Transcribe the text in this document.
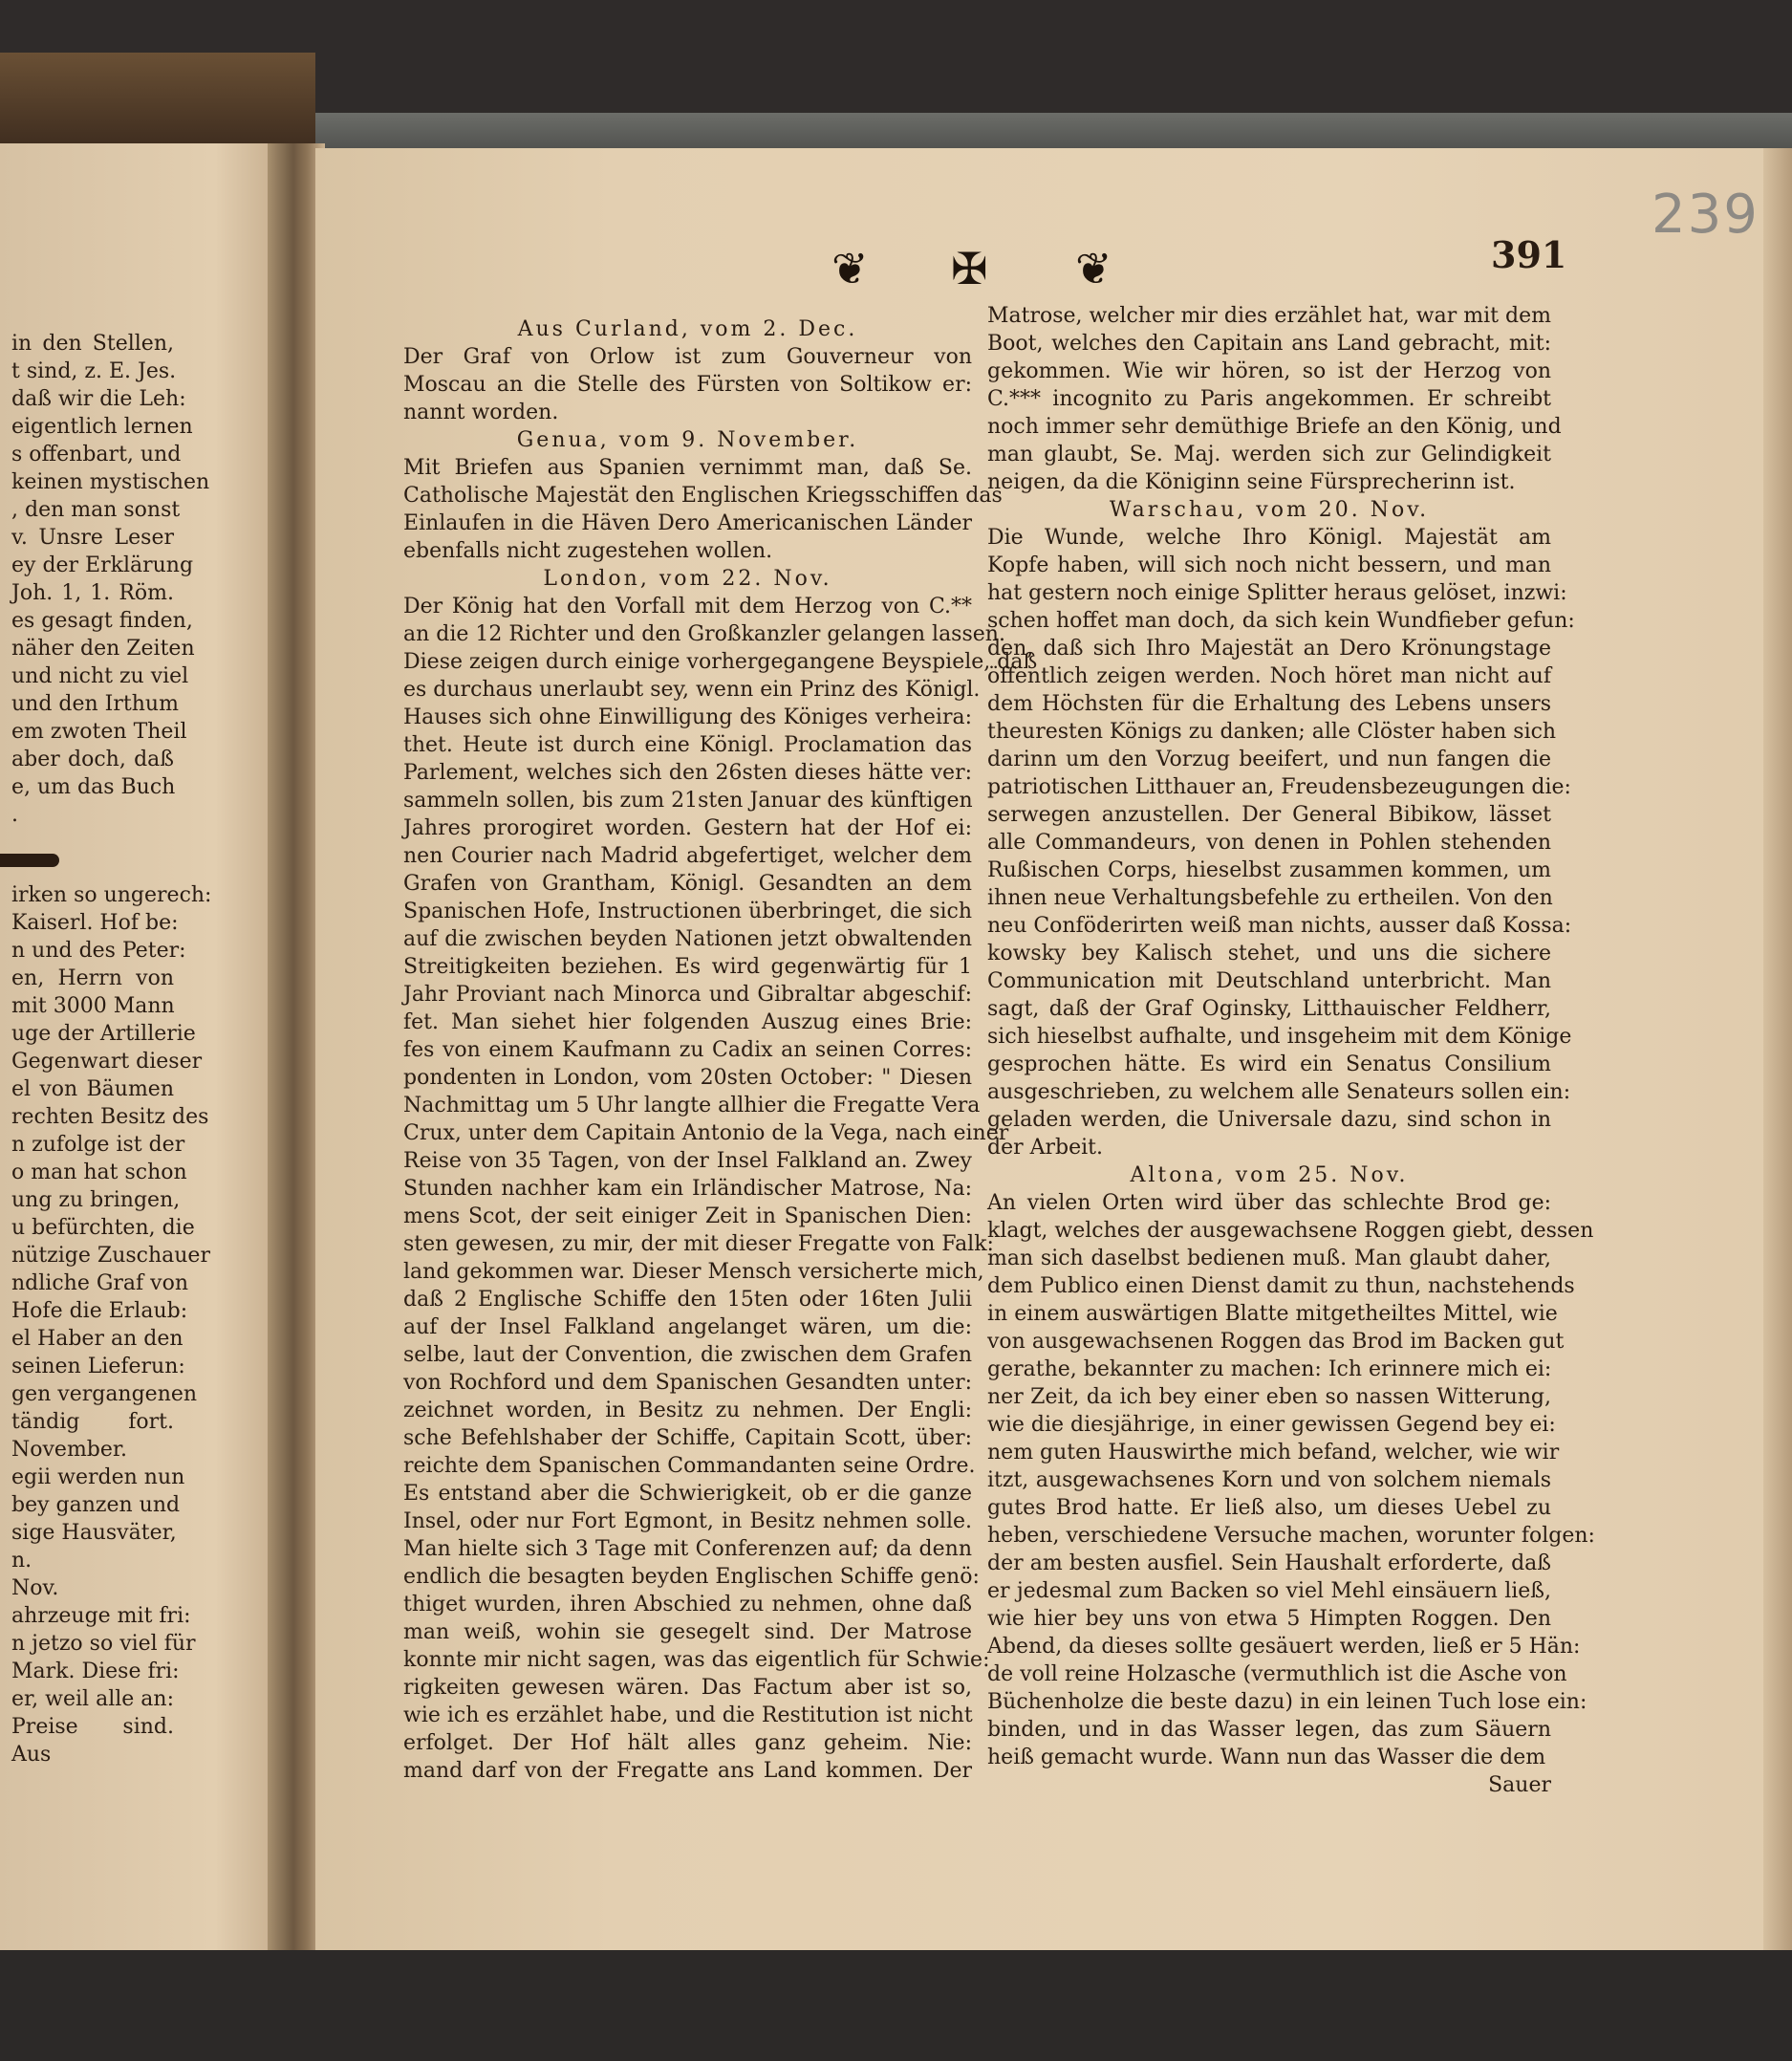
❦ ✠ ❦	391
239
in den Stellen,
t sind, z. E. Jes.
daß wir die Leh:
eigentlich lernen
s offenbart, und
keinen mystischen
, den man sonst
v. Unsre Leser
ey der Erklärung
Joh. 1, 1. Röm.
es gesagt finden,
näher den Zeiten
und nicht zu viel
und den Irthum
em zwoten Theil
aber doch, daß
e, um das Buch
.
irken so ungerech:
Kaiserl. Hof be:
n und des Peter:
en, Herrn von
mit 3000 Mann
uge der Artillerie
Gegenwart dieser
el von Bäumen
rechten Besitz des
n zufolge ist der
o man hat schon
ung zu bringen,
u befürchten, die
nützige Zuschauer
ndliche Graf von
Hofe die Erlaub:
el Haber an den
seinen Lieferun:
gen vergangenen
tändig fort.
November.
egii werden nun
bey ganzen und
sige Hausväter,
n.
Nov.
ahrzeuge mit fri:
n jetzo so viel für
Mark. Diese fri:
er, weil alle an:
Preise sind.
Aus
Aus Curland, vom 2. Dec.
Der Graf von Orlow ist zum Gouverneur von
Moscau an die Stelle des Fürsten von Soltikow er:
nannt worden.
Genua, vom 9. November.
Mit Briefen aus Spanien vernimmt man, daß Se.
Catholische Majestät den Englischen Kriegsschiffen das
Einlaufen in die Häven Dero Americanischen Länder
ebenfalls nicht zugestehen wollen.
London, vom 22. Nov.
Der König hat den Vorfall mit dem Herzog von C.**
an die 12 Richter und den Großkanzler gelangen lassen.
Diese zeigen durch einige vorhergegangene Beyspiele, daß
es durchaus unerlaubt sey, wenn ein Prinz des Königl.
Hauses sich ohne Einwilligung des Königes verheira:
thet. Heute ist durch eine Königl. Proclamation das
Parlement, welches sich den 26sten dieses hätte ver:
sammeln sollen, bis zum 21sten Januar des künftigen
Jahres prorogiret worden. Gestern hat der Hof ei:
nen Courier nach Madrid abgefertiget, welcher dem
Grafen von Grantham, Königl. Gesandten an dem
Spanischen Hofe, Instructionen überbringet, die sich
auf die zwischen beyden Nationen jetzt obwaltenden
Streitigkeiten beziehen. Es wird gegenwärtig für 1
Jahr Proviant nach Minorca und Gibraltar abgeschif:
fet. Man siehet hier folgenden Auszug eines Brie:
fes von einem Kaufmann zu Cadix an seinen Corres:
pondenten in London, vom 20sten October: " Diesen
Nachmittag um 5 Uhr langte allhier die Fregatte Vera
Crux, unter dem Capitain Antonio de la Vega, nach einer
Reise von 35 Tagen, von der Insel Falkland an. Zwey
Stunden nachher kam ein Irländischer Matrose, Na:
mens Scot, der seit einiger Zeit in Spanischen Dien:
sten gewesen, zu mir, der mit dieser Fregatte von Falk:
land gekommen war. Dieser Mensch versicherte mich,
daß 2 Englische Schiffe den 15ten oder 16ten Julii
auf der Insel Falkland angelanget wären, um die:
selbe, laut der Convention, die zwischen dem Grafen
von Rochford und dem Spanischen Gesandten unter:
zeichnet worden, in Besitz zu nehmen. Der Engli:
sche Befehlshaber der Schiffe, Capitain Scott, über:
reichte dem Spanischen Commandanten seine Ordre.
Es entstand aber die Schwierigkeit, ob er die ganze
Insel, oder nur Fort Egmont, in Besitz nehmen solle.
Man hielte sich 3 Tage mit Conferenzen auf; da denn
endlich die besagten beyden Englischen Schiffe genö:
thiget wurden, ihren Abschied zu nehmen, ohne daß
man weiß, wohin sie gesegelt sind. Der Matrose
konnte mir nicht sagen, was das eigentlich für Schwie:
rigkeiten gewesen wären. Das Factum aber ist so,
wie ich es erzählet habe, und die Restitution ist nicht
erfolget. Der Hof hält alles ganz geheim. Nie:
mand darf von der Fregatte ans Land kommen. Der
Matrose, welcher mir dies erzählet hat, war mit dem
Boot, welches den Capitain ans Land gebracht, mit:
gekommen. Wie wir hören, so ist der Herzog von
C.*** incognito zu Paris angekommen. Er schreibt
noch immer sehr demüthige Briefe an den König, und
man glaubt, Se. Maj. werden sich zur Gelindigkeit
neigen, da die Königinn seine Fürsprecherinn ist.
Warschau, vom 20. Nov.
Die Wunde, welche Ihro Königl. Majestät am
Kopfe haben, will sich noch nicht bessern, und man
hat gestern noch einige Splitter heraus gelöset, inzwi:
schen hoffet man doch, da sich kein Wundfieber gefun:
den, daß sich Ihro Majestät an Dero Krönungstage
öffentlich zeigen werden. Noch höret man nicht auf
dem Höchsten für die Erhaltung des Lebens unsers
theuresten Königs zu danken; alle Clöster haben sich
darinn um den Vorzug beeifert, und nun fangen die
patriotischen Litthauer an, Freudensbezeugungen die:
serwegen anzustellen. Der General Bibikow, lässet
alle Commandeurs, von denen in Pohlen stehenden
Rußischen Corps, hieselbst zusammen kommen, um
ihnen neue Verhaltungsbefehle zu ertheilen. Von den
neu Conföderirten weiß man nichts, ausser daß Kossa:
kowsky bey Kalisch stehet, und uns die sichere
Communication mit Deutschland unterbricht. Man
sagt, daß der Graf Oginsky, Litthauischer Feldherr,
sich hieselbst aufhalte, und insgeheim mit dem Könige
gesprochen hätte. Es wird ein Senatus Consilium
ausgeschrieben, zu welchem alle Senateurs sollen ein:
geladen werden, die Universale dazu, sind schon in
der Arbeit.
Altona, vom 25. Nov.
An vielen Orten wird über das schlechte Brod ge:
klagt, welches der ausgewachsene Roggen giebt, dessen
man sich daselbst bedienen muß. Man glaubt daher,
dem Publico einen Dienst damit zu thun, nachstehends
in einem auswärtigen Blatte mitgetheiltes Mittel, wie
von ausgewachsenen Roggen das Brod im Backen gut
gerathe, bekannter zu machen: Ich erinnere mich ei:
ner Zeit, da ich bey einer eben so nassen Witterung,
wie die diesjährige, in einer gewissen Gegend bey ei:
nem guten Hauswirthe mich befand, welcher, wie wir
itzt, ausgewachsenes Korn und von solchem niemals
gutes Brod hatte. Er ließ also, um dieses Uebel zu
heben, verschiedene Versuche machen, worunter folgen:
der am besten ausfiel. Sein Haushalt erforderte, daß
er jedesmal zum Backen so viel Mehl einsäuern ließ,
wie hier bey uns von etwa 5 Himpten Roggen. Den
Abend, da dieses sollte gesäuert werden, ließ er 5 Hän:
de voll reine Holzasche (vermuthlich ist die Asche von
Büchenholze die beste dazu) in ein leinen Tuch lose ein:
binden, und in das Wasser legen, das zum Säuern
heiß gemacht wurde. Wann nun das Wasser die dem
Sauer
